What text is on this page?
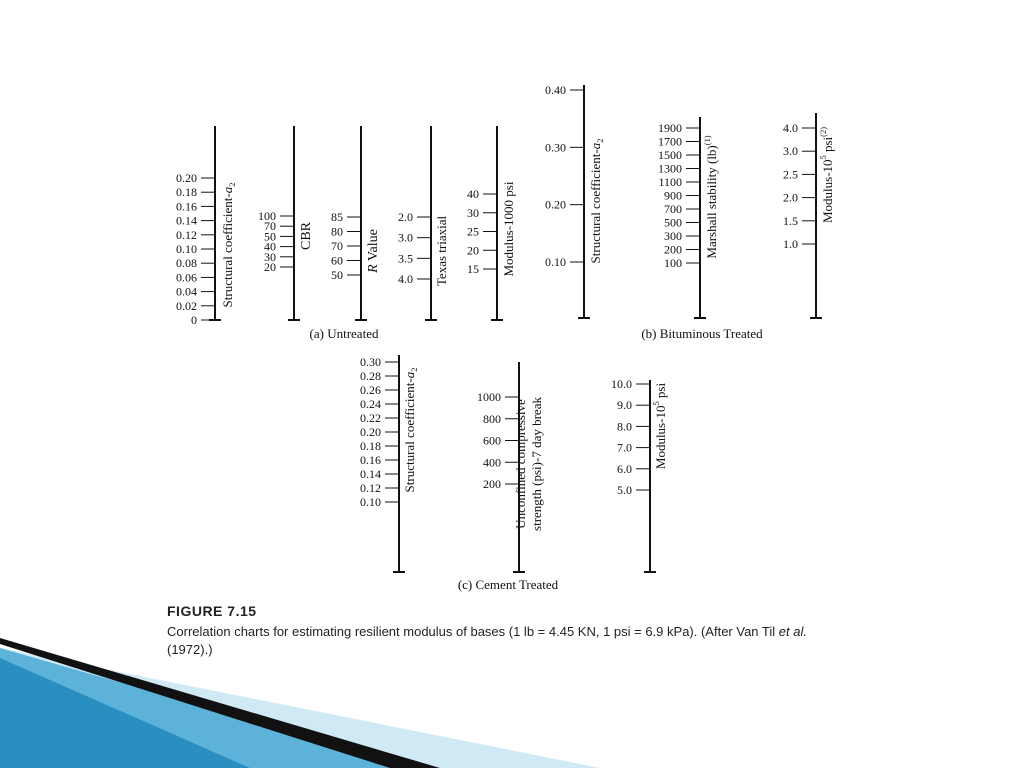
0.20
0.18
0.16
0.14
0.12
0.10
0.08
0.06
0.04
0.02
0
Structural coefficient-$a_2$
100
70
50
40
30
20
CBR
85
80
70
60
50 R Value
2.0
3.0
3.5
4.0 Texas triaxial
40
30
25
20
15 Modulus-1000 psi
(a) Untreated
0.40
0.30
0.20
0.10 Structural coefficient-$a_2$
1900
1700
1500
1300
1100
900
700
500
300
200
100
Marshall stability (lb)$^{(1)}$
4.0
3.0
2.5
2.0
1.5
1.0
Modulus-$10^5$ psi$^{(2)}$
(b) Bituminous Treated
0.30
0.28
0.26
0.24
0.22
0.20
0.18
0.16
0.14
0.12
0.10
Structural coefficient-$a_2$
1000
800
600
400
200 Unconfined compressivestrength (psi)-7 day break
10.0
9.0
8.0
7.0
6.0
5.0
Modulus-$10^5$ psi
(c) Cement Treated
FIGURE 7.15
Correlation charts for estimating resilient modulus of bases (1 lb = 4.45 KN, 1 psi = 6.9 kPa). (After Van Til et al. (1972).)
